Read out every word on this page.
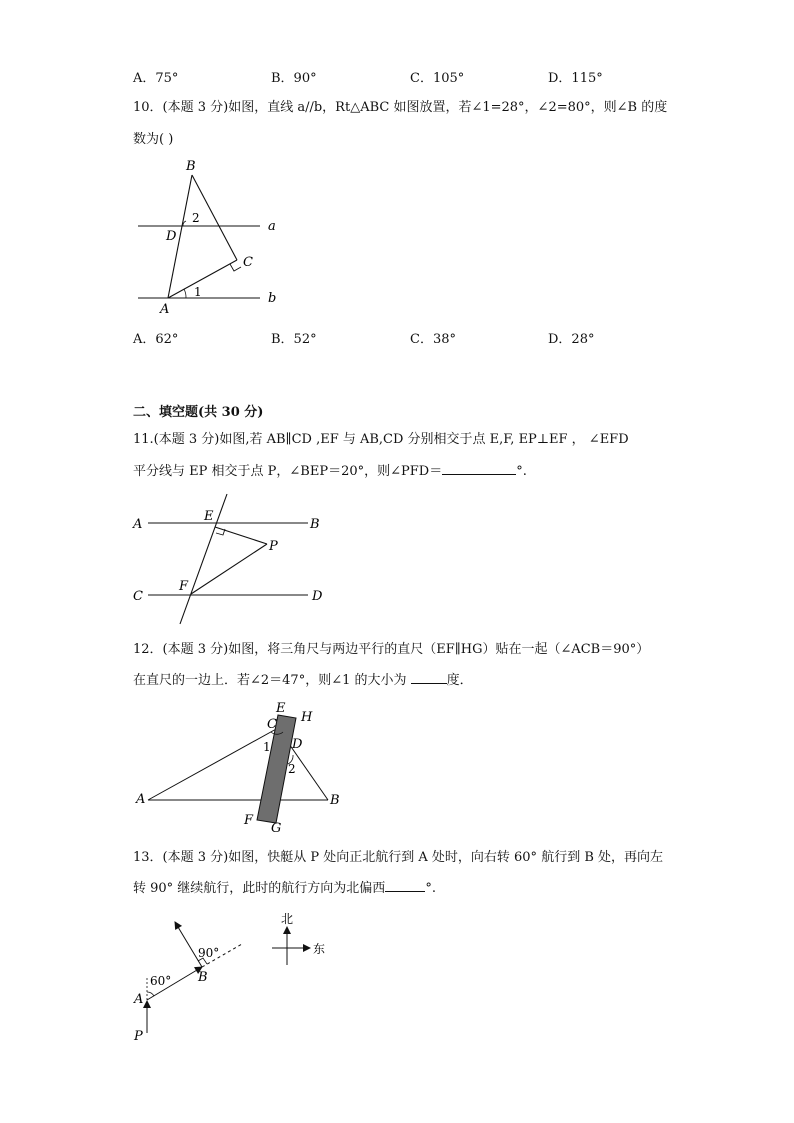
A．75°	B．90°	C．105°	D．115°
10．(本题 3 分)如图，直线 a//b，Rt△ABC 如图放置，若∠1=28°，∠2=80°，则∠B 的度
数为( )
B
D
A
C
a
b
1
2
A．62°	B．52°	C．38°	D．28°
二、填空题(共 30 分)
11.(本题 3 分)如图,若 AB∥CD ,EF 与 AB,CD 分别相交于点 E,F, EP⊥EF ， ∠EFD
平分线与 EP 相交于点 P，∠BEP＝20°，则∠PFD＝	°.
A	B
C	D
E
F
P
12．(本题 3 分)如图，将三角尺与两边平行的直尺（EF∥HG）贴在一起（∠ACB＝90°）
在直尺的一边上．若∠2＝47°，则∠1 的大小为	度．
E
H
C
D
1
2
A	B
F
G
13．(本题 3 分)如图，快艇从 P 处向正北航行到 A 处时，向右转 60° 航行到 B 处，再向左
转 90° 继续航行，此时的航行方向为北偏西	°.
北
东
60°
90°
A
B
P
